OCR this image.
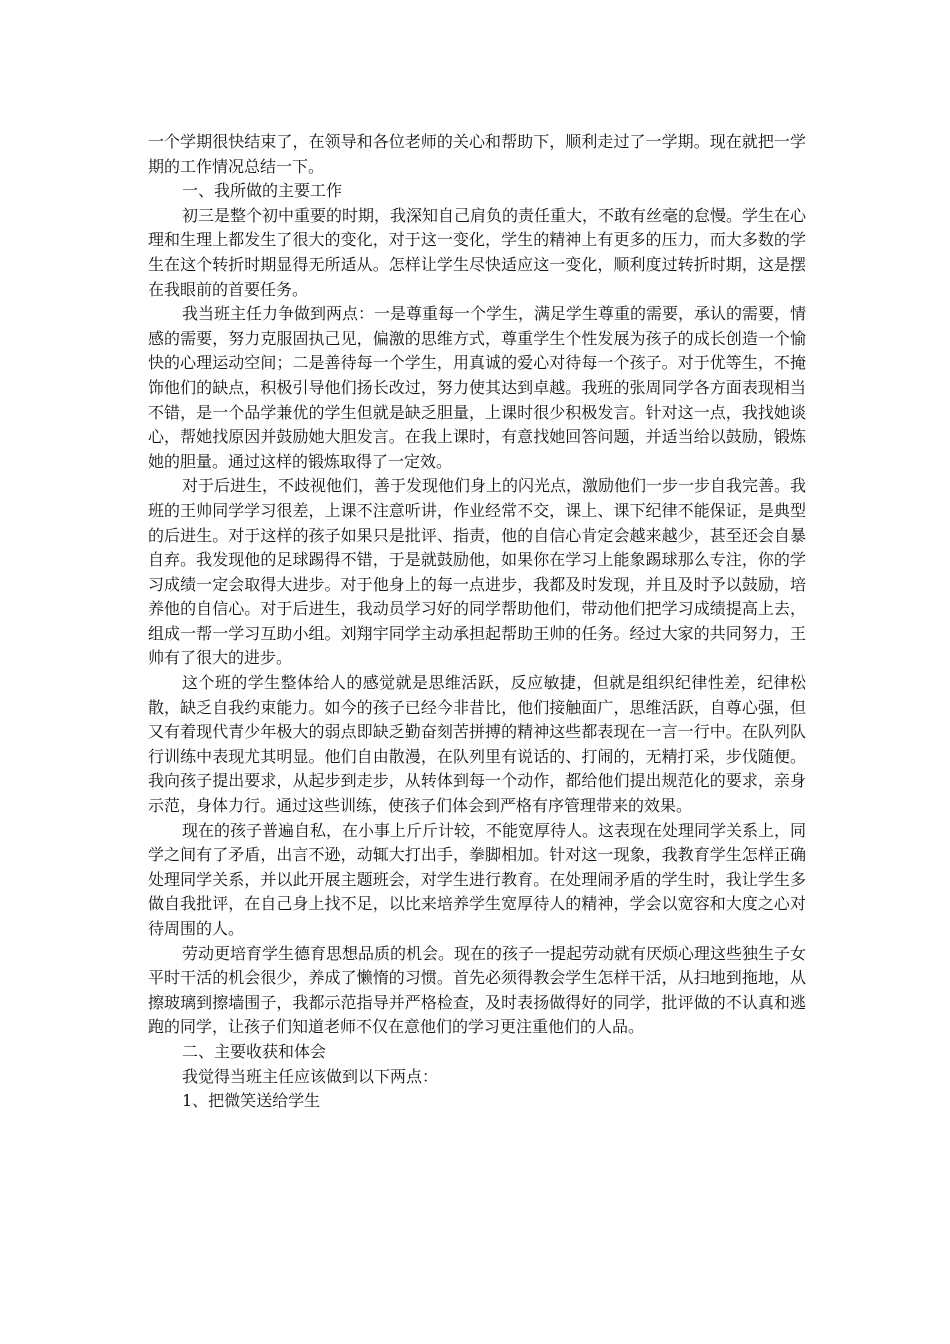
一个学期很快结束了，在领导和各位老师的关心和帮助下，顺利走过了一学期。现在就把一学期的工作情况总结一下。

一、我所做的主要工作

初三是整个初中重要的时期，我深知自己肩负的责任重大，不敢有丝毫的怠慢。学生在心理和生理上都发生了很大的变化，对于这一变化，学生的精神上有更多的压力，而大多数的学生在这个转折时期显得无所适从。怎样让学生尽快适应这一变化，顺利度过转折时期，这是摆在我眼前的首要任务。

我当班主任力争做到两点：一是尊重每一个学生，满足学生尊重的需要，承认的需要，情感的需要，努力克服固执己见，偏激的思维方式，尊重学生个性发展为孩子的成长创造一个愉快的心理运动空间；二是善待每一个学生，用真诚的爱心对待每一个孩子。对于优等生，不掩饰他们的缺点，积极引导他们扬长改过，努力使其达到卓越。我班的张周同学各方面表现相当不错，是一个品学兼优的学生但就是缺乏胆量，上课时很少积极发言。针对这一点，我找她谈心，帮她找原因并鼓励她大胆发言。在我上课时，有意找她回答问题，并适当给以鼓励，锻炼她的胆量。通过这样的锻炼取得了一定效。

对于后进生，不歧视他们，善于发现他们身上的闪光点，激励他们一步一步自我完善。我班的王帅同学学习很差，上课不注意听讲，作业经常不交，课上、课下纪律不能保证，是典型的后进生。对于这样的孩子如果只是批评、指责，他的自信心肯定会越来越少，甚至还会自暴自弃。我发现他的足球踢得不错，于是就鼓励他，如果你在学习上能象踢球那么专注，你的学习成绩一定会取得大进步。对于他身上的每一点进步，我都及时发现，并且及时予以鼓励，培养他的自信心。对于后进生，我动员学习好的同学帮助他们，带动他们把学习成绩提高上去，组成一帮一学习互助小组。刘翔宇同学主动承担起帮助王帅的任务。经过大家的共同努力，王帅有了很大的进步。

这个班的学生整体给人的感觉就是思维活跃，反应敏捷，但就是组织纪律性差，纪律松散，缺乏自我约束能力。如今的孩子已经今非昔比，他们接触面广，思维活跃，自尊心强，但又有着现代青少年极大的弱点即缺乏勤奋刻苦拼搏的精神这些都表现在一言一行中。在队列队行训练中表现尤其明显。他们自由散漫，在队列里有说话的、打闹的，无精打采，步伐随便。我向孩子提出要求，从起步到走步，从转体到每一个动作，都给他们提出规范化的要求，亲身示范，身体力行。通过这些训练，使孩子们体会到严格有序管理带来的效果。

现在的孩子普遍自私，在小事上斤斤计较，不能宽厚待人。这表现在处理同学关系上，同学之间有了矛盾，出言不逊，动辄大打出手，拳脚相加。针对这一现象，我教育学生怎样正确处理同学关系，并以此开展主题班会，对学生进行教育。在处理闹矛盾的学生时，我让学生多做自我批评，在自己身上找不足，以比来培养学生宽厚待人的精神，学会以宽容和大度之心对待周围的人。

劳动更培育学生德育思想品质的机会。现在的孩子一提起劳动就有厌烦心理这些独生子女平时干活的机会很少，养成了懒惰的习惯。首先必须得教会学生怎样干活，从扫地到拖地，从擦玻璃到擦墙围子，我都示范指导并严格检查，及时表扬做得好的同学，批评做的不认真和逃跑的同学，让孩子们知道老师不仅在意他们的学习更注重他们的人品。

二、主要收获和体会

我觉得当班主任应该做到以下两点：

1、把微笑送给学生
